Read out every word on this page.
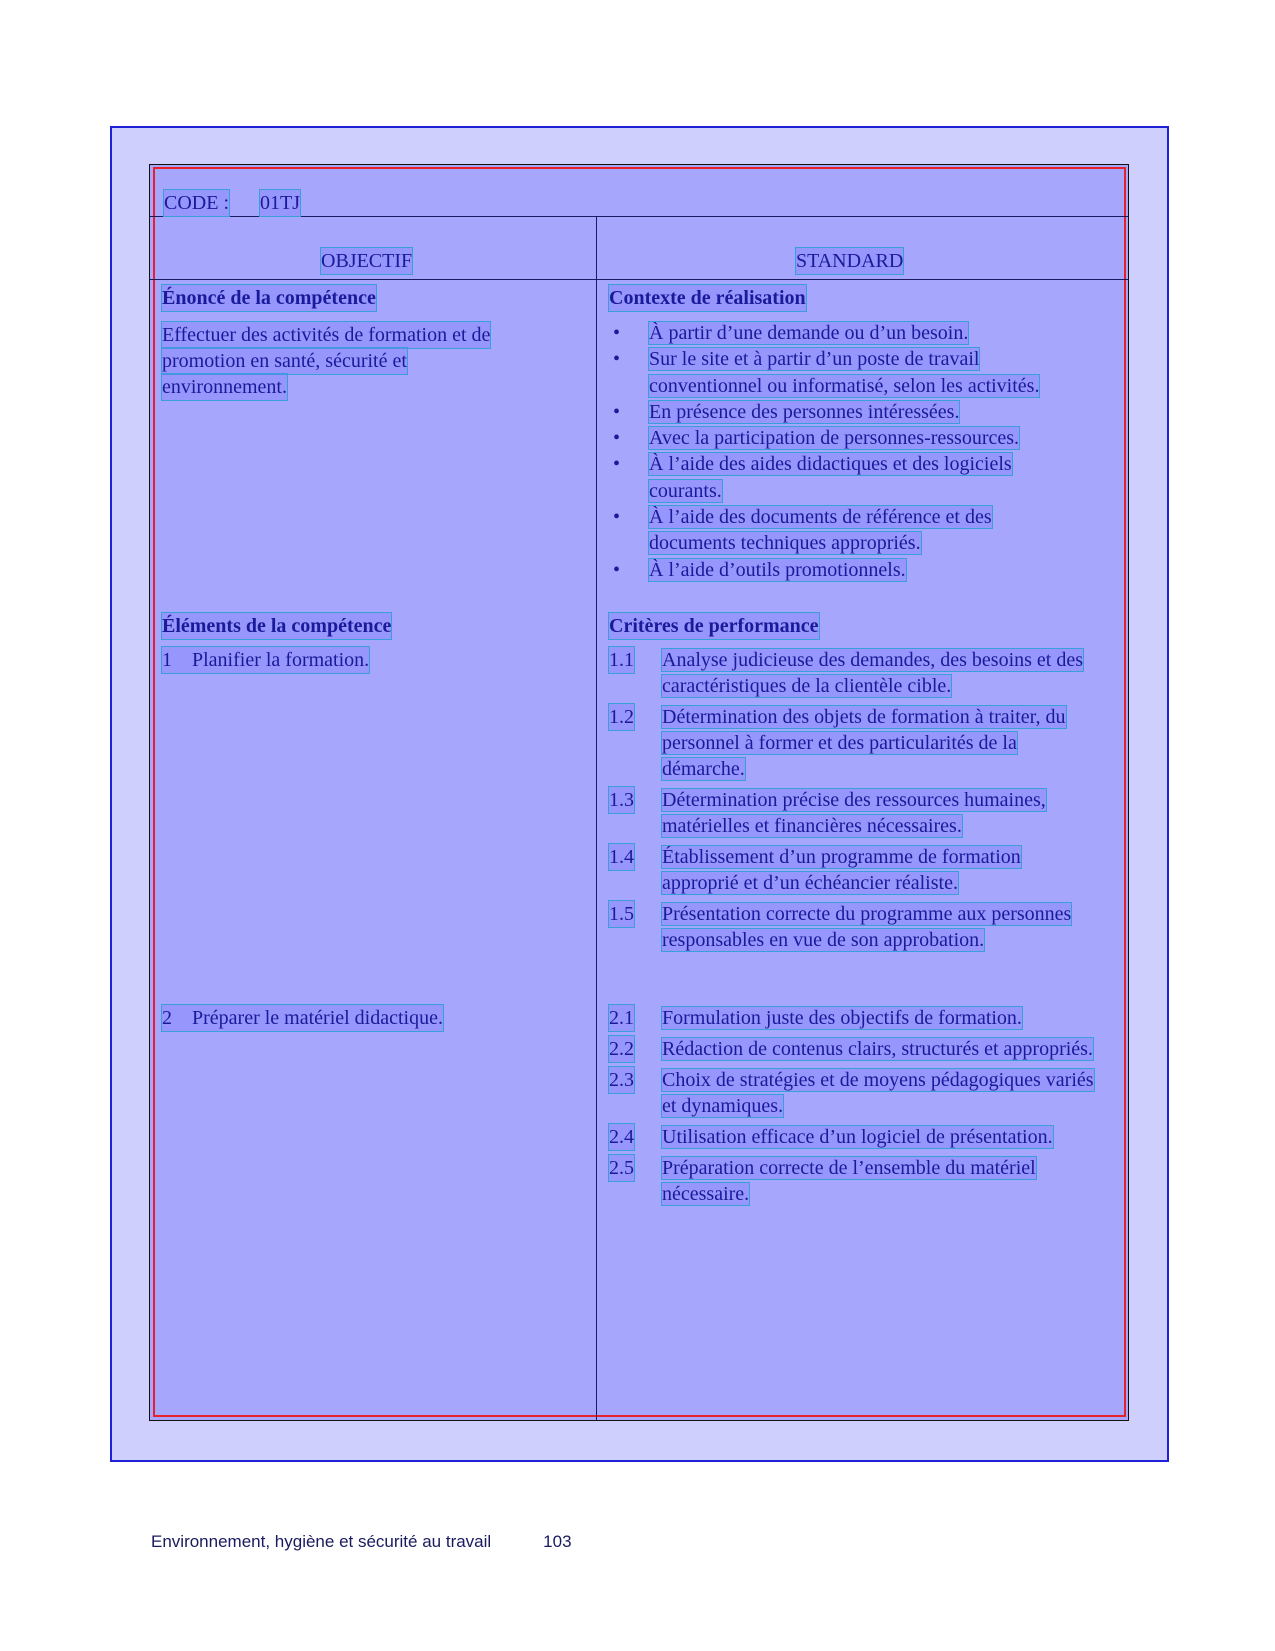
CODE : 01TJ
OBJECTIF	STANDARD
Énoncé de la compétence
Effectuer des activités de formation et de
promotion en santé, sécurité et
environnement.
Contexte de réalisation
• À partir d’une demande ou d’un besoin.
• Sur le site et à partir d’un poste de travail conventionnel ou informatisé, selon les activités.
• En présence des personnes intéressées.
• Avec la participation de personnes-ressources.
• À l’aide des aides didactiques et des logiciels courants.
• À l’aide des documents de référence et des documents techniques appropriés.
• À l’aide d’outils promotionnels.
Éléments de la compétence
1 Planifier la formation.
2 Préparer le matériel didactique.
Critères de performance
1.1 Analyse judicieuse des demandes, des besoins et des caractéristiques de la clientèle cible.
1.2 Détermination des objets de formation à traiter, du personnel à former et des particularités de la démarche.
1.3 Détermination précise des ressources humaines, matérielles et financières nécessaires.
1.4 Établissement d’un programme de formation approprié et d’un échéancier réaliste.
1.5 Présentation correcte du programme aux personnes responsables en vue de son approbation.
2.1 Formulation juste des objectifs de formation.
2.2 Rédaction de contenus clairs, structurés et appropriés.
2.3 Choix de stratégies et de moyens pédagogiques variés et dynamiques.
2.4 Utilisation efficace d’un logiciel de présentation.
2.5 Préparation correcte de l’ensemble du matériel nécessaire.
Environnement, hygiène et sécurité au travail	103
